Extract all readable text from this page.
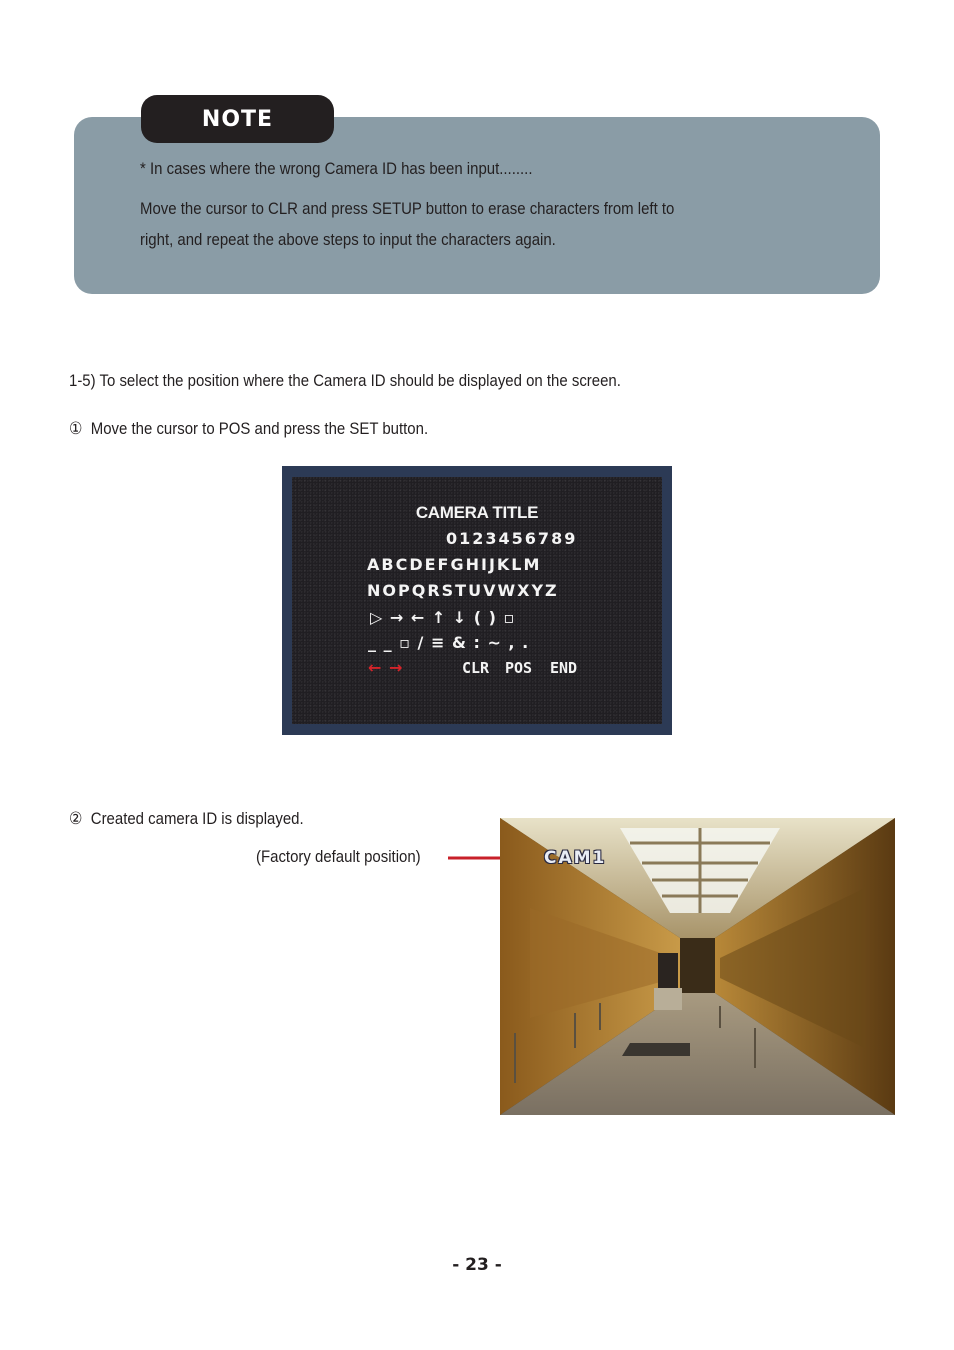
NOTE
* In cases where the wrong Camera ID has been input........
Move the cursor to CLR and press SETUP button to erase characters from left to
right, and repeat the above steps to input the characters again.
1-5) To select the position where the Camera ID should be displayed on the screen.
① Move the cursor to POS and press the SET button.
CAMERA TITLE
0123456789
ABCDEFGHIJKLM
NOPQRSTUVWXYZ
▷ → ← ↑ ↓ ( ) ▫
_ _ ▫ / ≡ & : ~ , .
← →	CLR POS END
② Created camera ID is displayed.
(Factory default position)	CAM1
- 23 -
